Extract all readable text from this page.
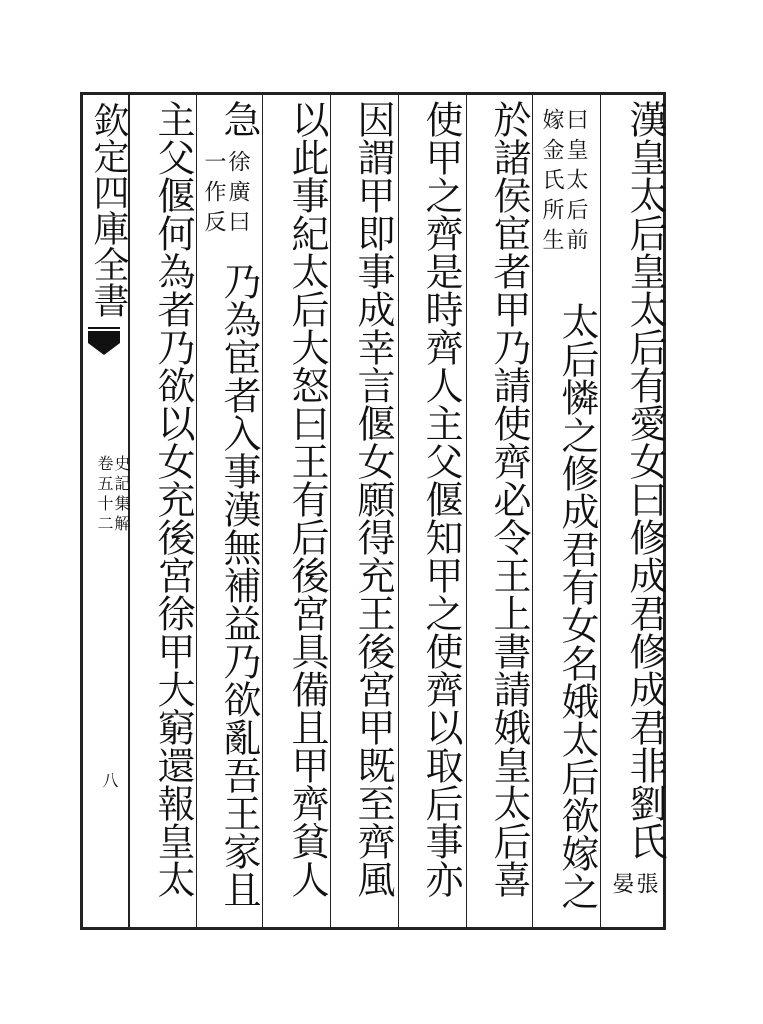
欽定四庫全書
史記集解
卷五十二
八	漢皇太后皇太后有愛女曰修成君修成君非劉氏
張
晏
曰皇太后前
嫁金氏所生
太后憐之修成君有女名娥太后欲嫁之
於諸侯宦者甲乃請使齊必令王上書請娥皇太后喜
使甲之齊是時齊人主父偃知甲之使齊以取后事亦
因謂甲即事成幸言偃女願得充王後宮甲既至齊風
以此事紀太后大怒曰王有后後宮具備且甲齊貧人
急
徐廣曰
一作反
乃為宦者入事漢無補益乃欲亂吾王家且
主父偃何為者乃欲以女充後宮徐甲大窮還報皇太
